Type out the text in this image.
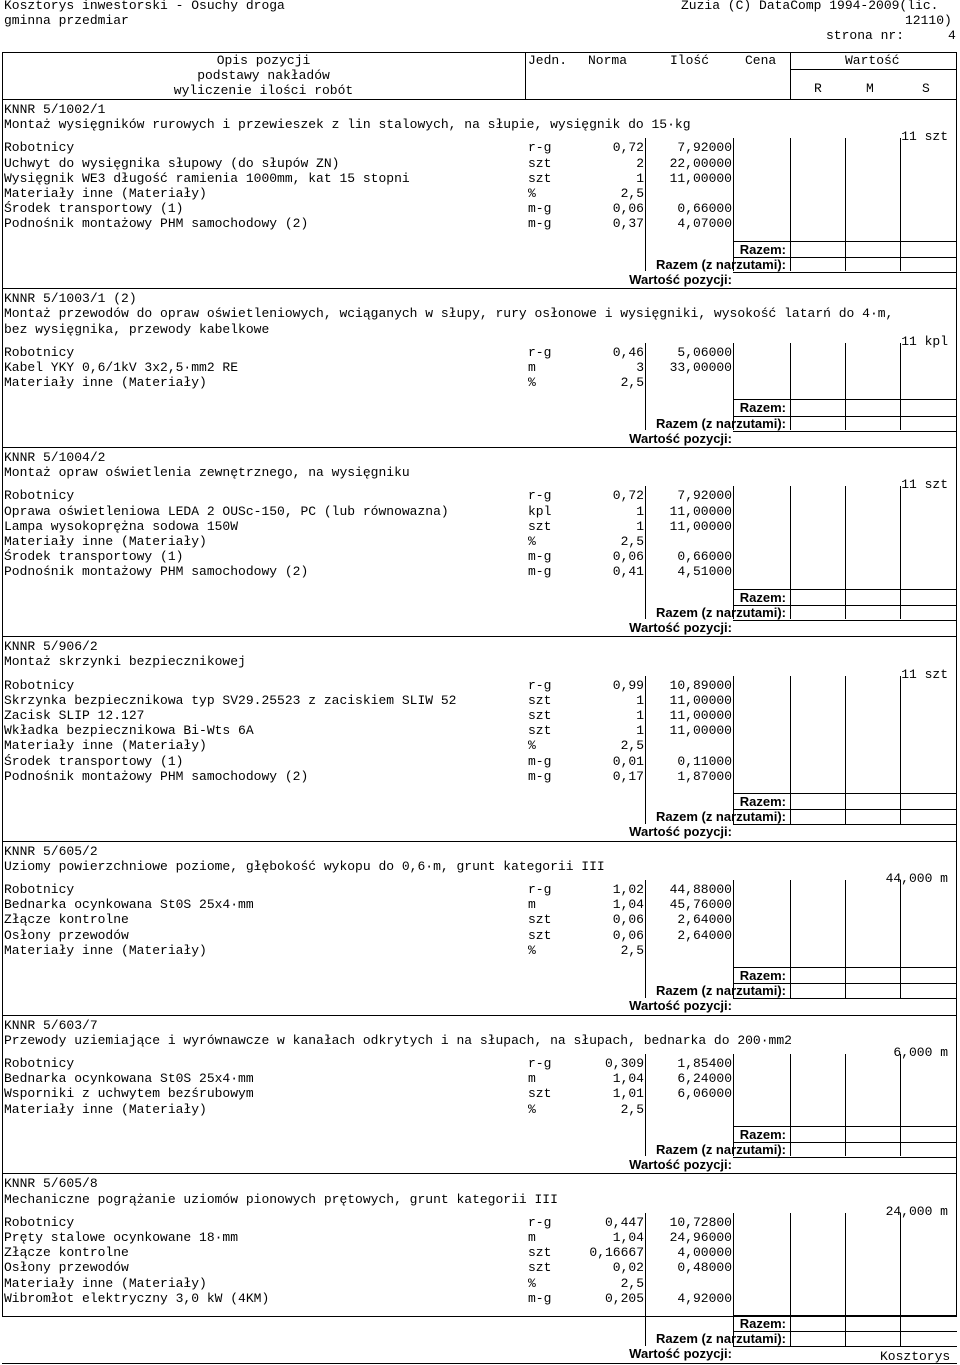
Kosztorys inwestorski - Osuchy droga
gminna przedmiar
Zuzia (C) DataComp 1994-2009(lic.
12110)
strona nr:	4
Opis pozycji
podstawy nakładów
wyliczenie ilości robót
Jedn. Norma	Ilość	Cena	Wartość
R	M	S
KNNR 5/1002/1
Montaż wysięgników rurowych i przewieszek z lin stalowych, na słupie, wysięgnik do 15·kg
11 szt
Robotnicy	r-g	0,72	7,92000
Uchwyt do wysięgnika słupowy (do słupów ZN)	szt	2	22,00000
Wysięgnik WE3 długość ramienia 1000mm, kat 15 stopni	szt	1	11,00000
Materiały inne (Materiały)	%	2,5
Środek transportowy (1)	m-g	0,06	0,66000
Podnośnik montażowy PHM samochodowy (2)	m-g	0,37	4,07000
Razem:
Razem (z narzutami):
Wartość pozycji:
KNNR 5/1003/1 (2)
Montaż przewodów do opraw oświetleniowych, wciąganych w słupy, rury osłonowe i wysięgniki, wysokość latarń do 4·m,
bez wysięgnika, przewody kabelkowe
11 kpl
Robotnicy	r-g	0,46	5,06000
Kabel YKY 0,6/1kV 3x2,5·mm2 RE	m	3	33,00000
Materiały inne (Materiały)	%	2,5
Razem:
Razem (z narzutami):
Wartość pozycji:
KNNR 5/1004/2
Montaż opraw oświetlenia zewnętrznego, na wysięgniku
11 szt
Robotnicy	r-g	0,72	7,92000
Oprawa oświetleniowa LEDA 2 OUSc-150, PC (lub równowazna)	kpl	1	11,00000
Lampa wysokoprężna sodowa 150W	szt	1	11,00000
Materiały inne (Materiały)	%	2,5
Środek transportowy (1)	m-g	0,06	0,66000
Podnośnik montażowy PHM samochodowy (2)	m-g	0,41	4,51000
Razem:
Razem (z narzutami):
Wartość pozycji:
KNNR 5/906/2
Montaż skrzynki bezpiecznikowej
11 szt
Robotnicy	r-g	0,99	10,89000
Skrzynka bezpiecznikowa typ SV29.25523 z zaciskiem SLIW 52	szt	1	11,00000
Zacisk SLIP 12.127	szt	1	11,00000
Wkładka bezpiecznikowa Bi-Wts 6A	szt	1	11,00000
Materiały inne (Materiały)	%	2,5
Środek transportowy (1)	m-g	0,01	0,11000
Podnośnik montażowy PHM samochodowy (2)	m-g	0,17	1,87000
Razem:
Razem (z narzutami):
Wartość pozycji:
KNNR 5/605/2
Uziomy powierzchniowe poziome, głębokość wykopu do 0,6·m, grunt kategorii III
44,000 m
Robotnicy	r-g	1,02	44,88000
Bednarka ocynkowana St0S 25x4·mm	m	1,04	45,76000
Złącze kontrolne	szt	0,06	2,64000
Osłony przewodów	szt	0,06	2,64000
Materiały inne (Materiały)	%	2,5
Razem:
Razem (z narzutami):
Wartość pozycji:
KNNR 5/603/7
Przewody uziemiające i wyrównawcze w kanałach odkrytych i na słupach, na słupach, bednarka do 200·mm2
6,000 m
Robotnicy	r-g	0,309	1,85400
Bednarka ocynkowana St0S 25x4·mm	m	1,04	6,24000
Wsporniki z uchwytem bezśrubowym	szt	1,01	6,06000
Materiały inne (Materiały)	%	2,5
Razem:
Razem (z narzutami):
Wartość pozycji:
KNNR 5/605/8
Mechaniczne pogrążanie uziomów pionowych prętowych, grunt kategorii III
24,000 m
Robotnicy	r-g	0,447	10,72800
Pręty stalowe ocynkowane 18·mm	m	1,04	24,96000
Złącze kontrolne	szt	0,16667	4,00000
Osłony przewodów	szt	0,02	0,48000
Materiały inne (Materiały)	%	2,5
Wibromłot elektryczny 3,0 kW (4KM)	m-g	0,205	4,92000
Razem:
Razem (z narzutami):
Wartość pozycji:	Kosztorys
